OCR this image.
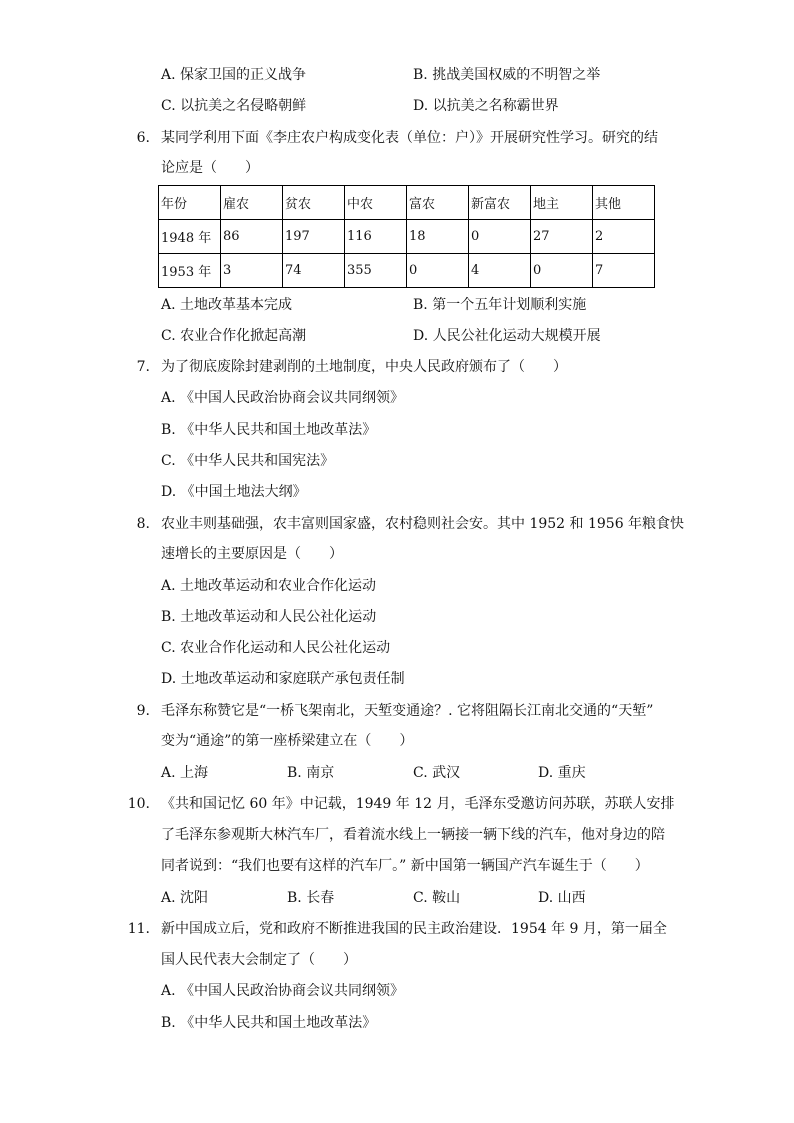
A. 保家卫国的正义战争	B. 挑战美国权威的不明智之举
C. 以抗美之名侵略朝鲜	D. 以抗美之名称霸世界
6. 某同学利用下面《李庄农户构成变化表（单位：户）》开展研究性学习。研究的结
论应是（　　）
年份	雇农	贫农	中农	富农	新富农	地主	其他
1948 年	86	197	116	18	0	27	2
1953 年	3	74	355	0	4	0	7
A. 土地改革基本完成	B. 第一个五年计划顺利实施
C. 农业合作化掀起高潮	D. 人民公社化运动大规模开展
7. 为了彻底废除封建剥削的土地制度，中央人民政府颁布了（　　）
A. 《中国人民政治协商会议共同纲领》
B. 《中华人民共和国土地改革法》
C. 《中华人民共和国宪法》
D. 《中国土地法大纲》
8. 农业丰则基础强，农丰富则国家盛，农村稳则社会安。其中 1952 和 1956 年粮食快
速增长的主要原因是（　　）
A. 土地改革运动和农业合作化运动
B. 土地改革运动和人民公社化运动
C. 农业合作化运动和人民公社化运动
D. 土地改革运动和家庭联产承包责任制
9. 毛泽东称赞它是“一桥飞架南北，天堑变通途？. 它将阻隔长江南北交通的“天堑”
变为“通途”的第一座桥梁建立在（　　）
A. 上海	B. 南京	C. 武汉	D. 重庆
10. 《共和国记忆 60 年》中记载，1949 年 12 月，毛泽东受邀访问苏联，苏联人安排
了毛泽东参观斯大林汽车厂，看着流水线上一辆接一辆下线的汽车，他对身边的陪
同者说到：“我们也要有这样的汽车厂。” 新中国第一辆国产汽车诞生于（　　）
A. 沈阳	B. 长春	C. 鞍山	D. 山西
11. 新中国成立后，党和政府不断推进我国的民主政治建设．1954 年 9 月，第一届全
国人民代表大会制定了（　　）
A. 《中国人民政治协商会议共同纲领》
B. 《中华人民共和国土地改革法》
